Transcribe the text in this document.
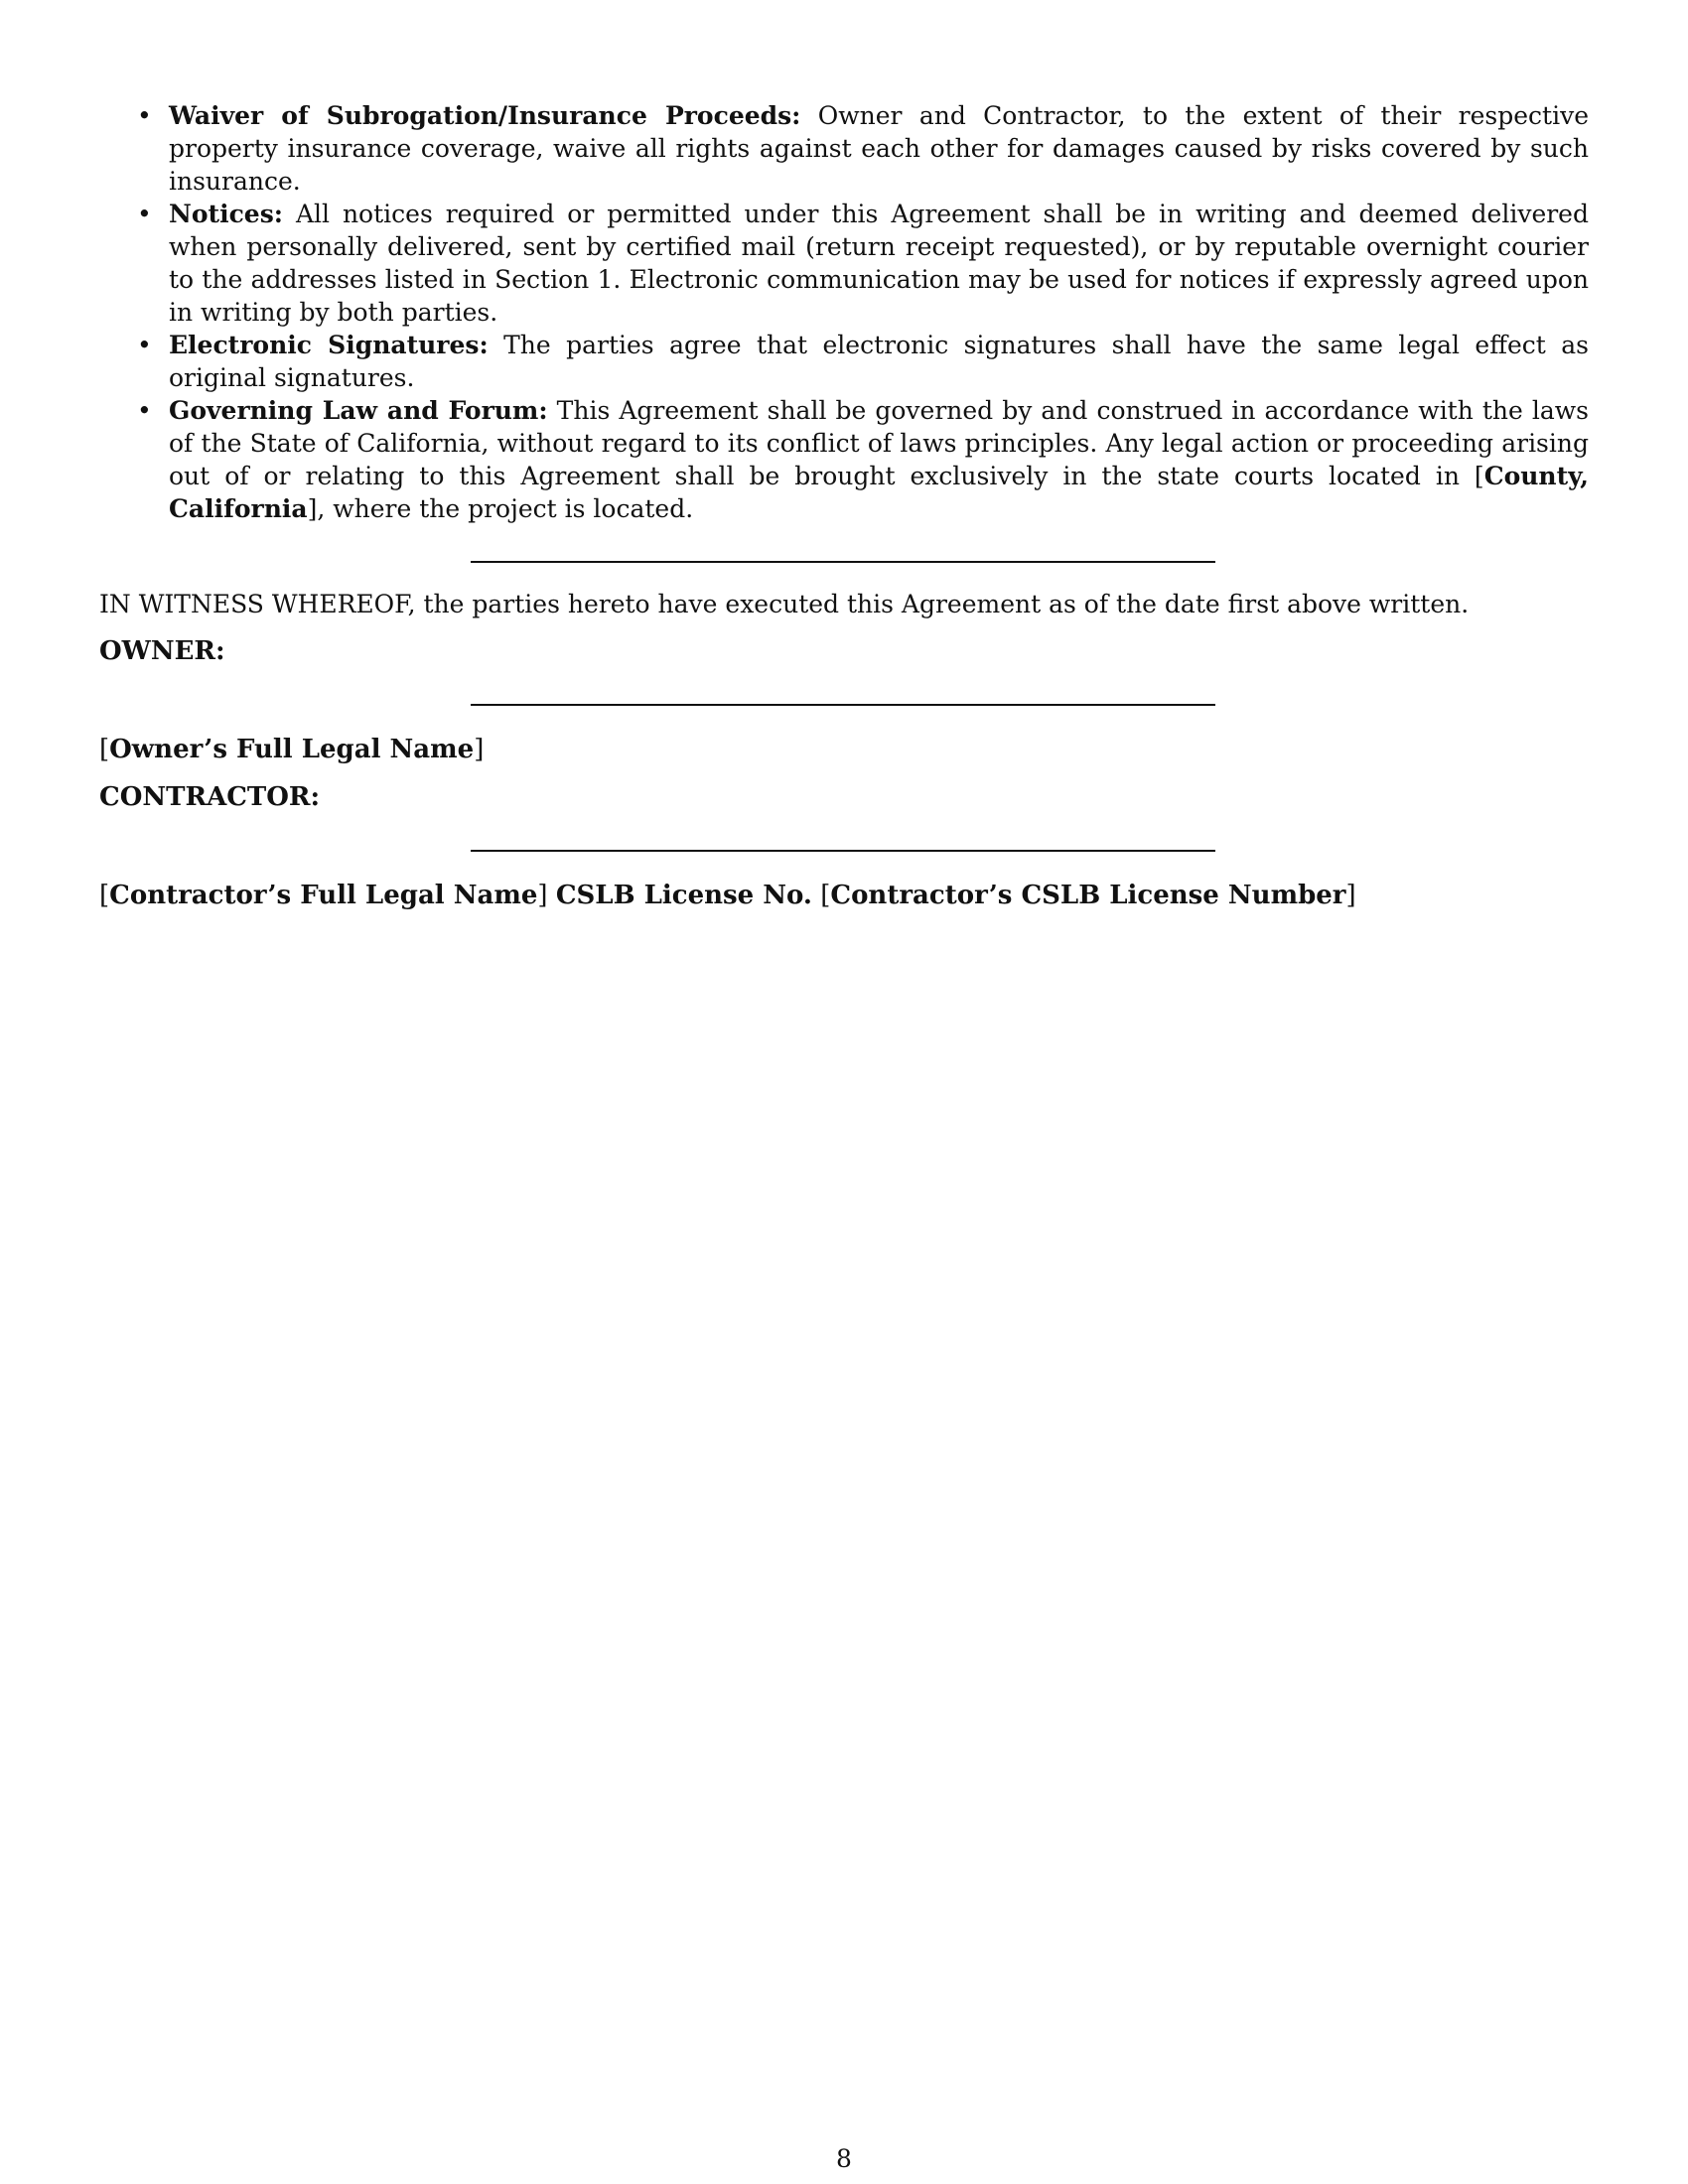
• Waiver of Subrogation/Insurance Proceeds: Owner and Contractor, to the extent of their respective property insurance coverage, waive all rights against each other for damages caused by risks covered by such insurance.
• Notices: All notices required or permitted under this Agreement shall be in writing and deemed delivered when personally delivered, sent by certified mail (return receipt requested), or by reputable overnight courier to the addresses listed in Section 1. Electronic communication may be used for notices if expressly agreed upon in writing by both parties.
• Electronic Signatures: The parties agree that electronic signatures shall have the same legal effect as original signatures.
• Governing Law and Forum: This Agreement shall be governed by and construed in accordance with the laws of the State of California, without regard to its conflict of laws principles. Any legal action or proceeding arising out of or relating to this Agreement shall be brought exclusively in the state courts located in [County, California], where the project is located.
IN WITNESS WHEREOF, the parties hereto have executed this Agreement as of the date first above written.
OWNER:
[Owner’s Full Legal Name]
CONTRACTOR:
[Contractor’s Full Legal Name] CSLB License No. [Contractor’s CSLB License Number]
8
